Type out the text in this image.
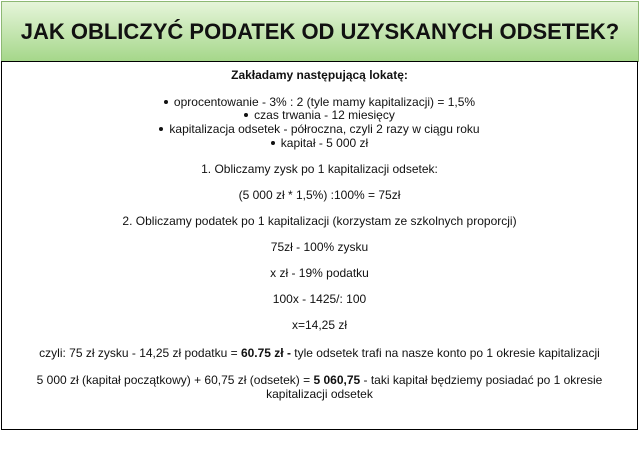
JAK OBLICZYĆ PODATEK OD UZYSKANYCH ODSETEK?
Zakładamy następującą lokatę:
oprocentowanie - 3% : 2 (tyle mamy kapitalizacji) = 1,5%
czas trwania - 12 miesięcy
kapitalizacja odsetek - półroczna, czyli 2 razy w ciągu roku
kapitał - 5 000 zł
1. Obliczamy zysk po 1 kapitalizacji odsetek:
(5 000 zł * 1,5%) :100% = 75zł
2. Obliczamy podatek po 1 kapitalizacji (korzystam ze szkolnych proporcji)
75zł - 100% zysku
x zł - 19% podatku
100x - 1425/: 100
x=14,25 zł
czyli: 75 zł zysku - 14,25 zł podatku = 60.75 zł - tyle odsetek trafi na nasze konto po 1 okresie kapitalizacji
5 000 zł (kapitał początkowy) + 60,75 zł (odsetek) = 5 060,75 - taki kapitał będziemy posiadać po 1 okresie
kapitalizacji odsetek
